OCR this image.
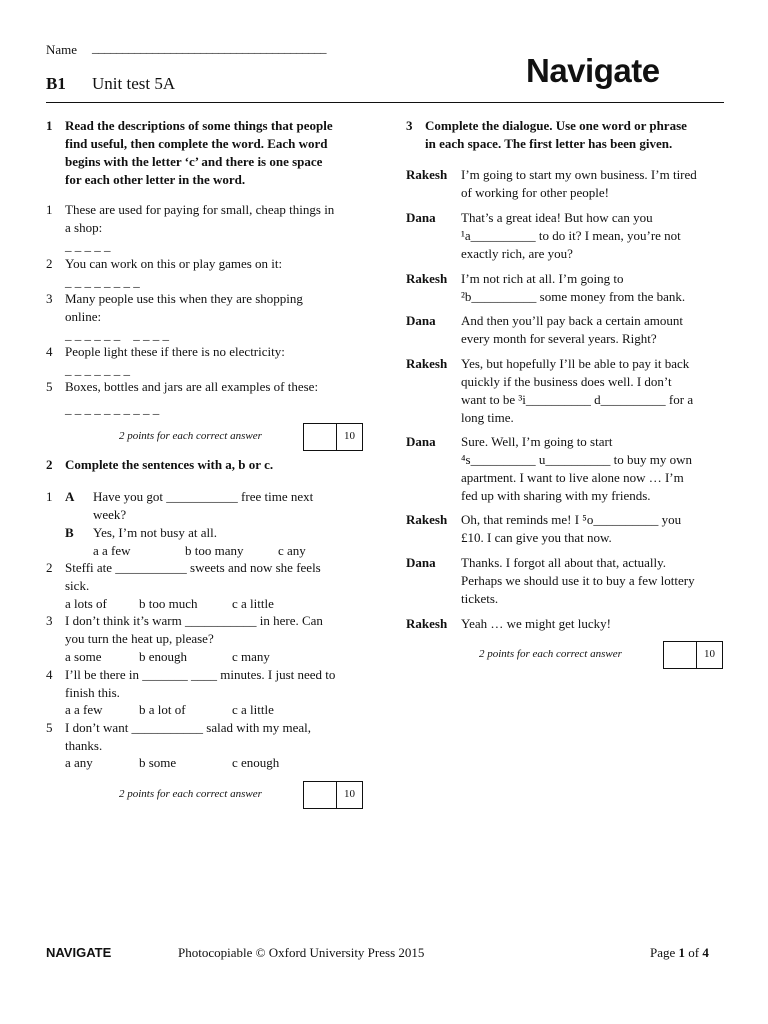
Name _______________________________________
B1 Unit test 5A	Navigate
1 Read the descriptions of some things that people
find useful, then complete the word. Each word
begins with the letter ‘c’ and there is one space
for each other letter in the word.
1 These are used for paying for small, cheap things in
a shop:
_ _ _ _ _
2 You can work on this or play games on it:
_ _ _ _ _ _ _ _
3 Many people use this when they are shopping
online:
_ _ _ _ _ _    _ _ _ _
4 People light these if there is no electricity:
_ _ _ _ _ _ _
5 Boxes, bottles and jars are all examples of these:
_ _ _ _ _ _ _ _ _ _
2 points for each correct answer	10
2 Complete the sentences with a, b or c.
1 A Have you got ___________ free time next
week?
B Yes, I’m not busy at all.
a a few	b too many	c any
2 Steffi ate ___________ sweets and now she feels
sick.
a lots of b too much	c a little
3 I don’t think it’s warm ___________ in here. Can
you turn the heat up, please?
a some	b enough	c many
4 I’ll be there in _______ ____ minutes. I just need to
finish this.
a a few	b a lot of	c a little
5 I don’t want ___________ salad with my meal,
thanks.
a any	b some	c enough
2 points for each correct answer	10
3 Complete the dialogue. Use one word or phrase
in each space. The first letter has been given.
Rakesh I’m going to start my own business. I’m tired
of working for other people!
Dana That’s a great idea! But how can you
¹a__________ to do it? I mean, you’re not
exactly rich, are you?
Rakesh I’m not rich at all. I’m going to
²b__________ some money from the bank.
Dana And then you’ll pay back a certain amount
every month for several years. Right?
Rakesh Yes, but hopefully I’ll be able to pay it back
quickly if the business does well. I don’t
want to be ³i__________ d__________ for a
long time.
Dana Sure. Well, I’m going to start
⁴s__________ u__________ to buy my own
apartment. I want to live alone now … I’m
fed up with sharing with my friends.
Rakesh Oh, that reminds me! I ⁵o__________ you
£10. I can give you that now.
Dana Thanks. I forgot all about that, actually.
Perhaps we should use it to buy a few lottery
tickets.
Rakesh Yeah … we might get lucky!
2 points for each correct answer	10
NAVIGATE	Photocopiable © Oxford University Press 2015	Page 1 of 4
